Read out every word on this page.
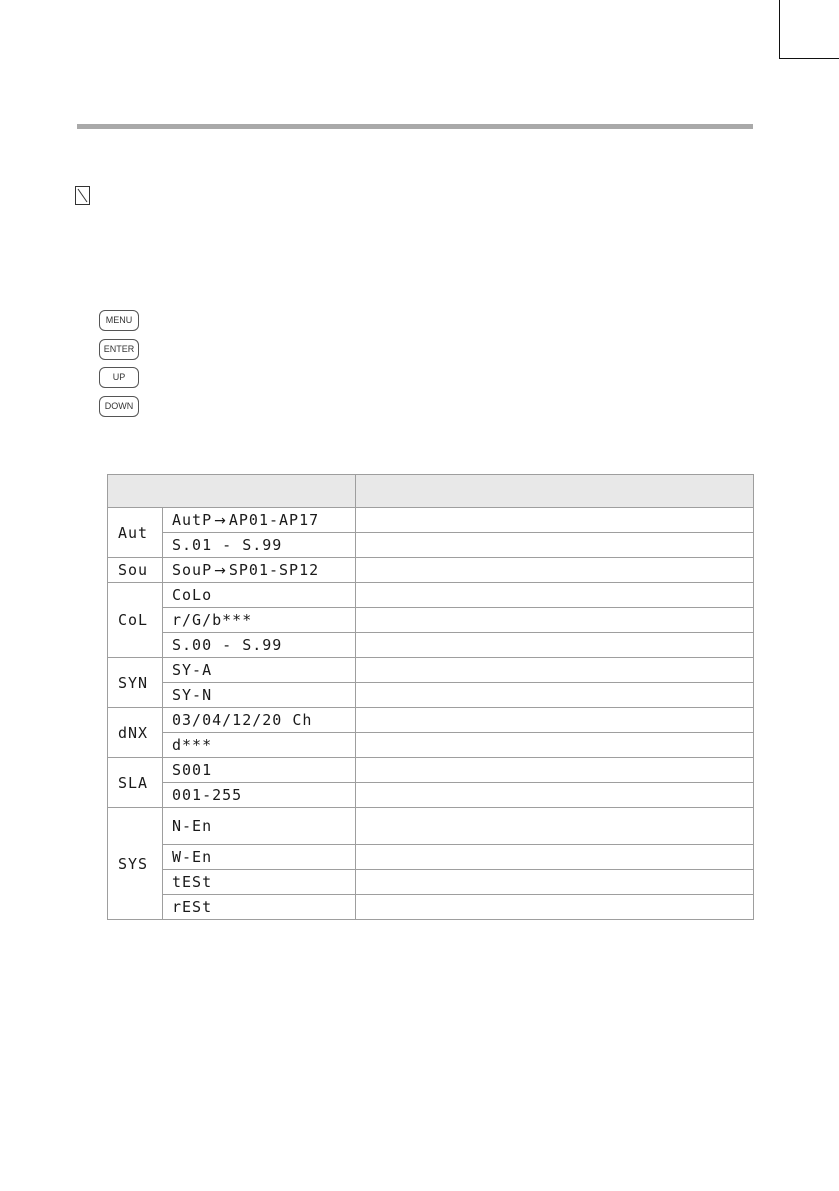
MENU
ENTER
UP
DOWN

Aut	AutP → AP01-AP17	
	S.01 - S.99	
Sou	SouP → SP01-SP12	
CoL	CoLo	
	r/G/b***	
	S.00 - S.99	
SYN	SY-A	
	SY-N	
dNX	03/04/12/20 Ch	
	d***	
SLA	S001	
	001-255	
SYS	N-En	
	W-En	
	tESt	
	rESt	
